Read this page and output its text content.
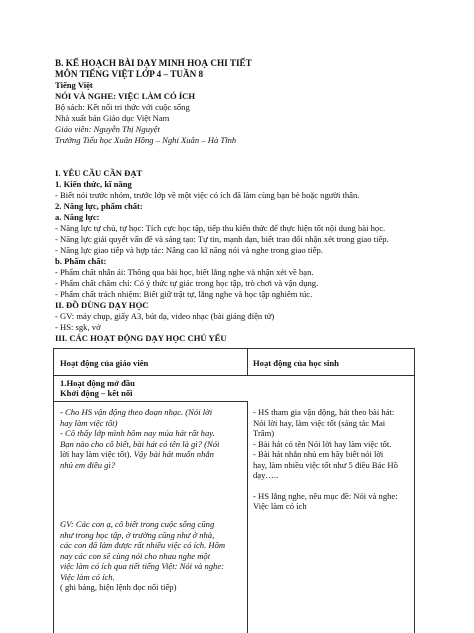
B. KẾ HOẠCH BÀI DẠY MINH HOẠ CHI TIẾT
MÔN TIẾNG VIỆT LỚP 4 – TUẦN 8
Tiếng Việt
NÓI VÀ NGHE: VIỆC LÀM CÓ ÍCH
Bộ sách: Kết nối tri thức với cuộc sống
Nhà xuất bản Giáo dục Việt Nam
Giáo viên: Nguyễn Thị Nguyệt
Trường Tiểu học Xuân Hồng – Nghi Xuân – Hà Tĩnh
I. YÊU CẦU CẦN ĐẠT
1. Kiến thức, kĩ năng
- Biết nói trước nhóm, trước lớp về một việc có ích đã làm cùng bạn bè hoặc người thân.
2. Năng lực, phẩm chất:
a. Năng lực:
- Năng lực tự chủ, tự học: Tích cực học tập, tiếp thu kiến thức để thực hiện tốt nội dung bài học.
- Năng lực giải quyết vấn đề và sáng tạo: Tự tin, mạnh dạn, biết trao đổi nhận xét trong giao tiếp.
- Năng lực giao tiếp và hợp tác: Nâng cao kĩ năng nói và nghe trong giao tiếp.
b. Phẩm chất:
- Phẩm chất nhân ái: Thông qua bài học, biết lắng nghe và nhận xét về bạn.
- Phẩm chất chăm chỉ: Có ý thức tự giác trong học tập, trò chơi và vận dụng.
- Phẩm chất trách nhiệm: Biết giữ trật tự, lắng nghe và học tập nghiêm túc.
II. ĐỒ DÙNG DẠY HỌC
- GV: máy chụp, giấy A3, bút dạ, video nhạc (bài giảng điện tử)
- HS: sgk, vở
III. CÁC HOẠT ĐỘNG DẠY HỌC CHỦ YẾU
Hoạt động của giáo viên	Hoạt động của học sinh
1.Hoạt động mở đầu
Khởi động – kết nối
- Cho HS vận động theo đoạn nhạc. (Nói lời
hay làm việc tốt)
- Cô thấy lớp mình hôm nay múa hát rất hay.
Bạn nào cho cô biết, bài hát có tên là gì? (Nói
lời hay làm việc tốt). Vậy bài hát muốn nhắn
nhủ em điều gì?
GV: Các con ạ, cô biết trong cuộc sống cũng
như trong học tập, ở trường cũng như ở nhà,
các con đã làm được rất nhiều việc có ích. Hôm
nay các con sẽ cùng nói cho nhau nghe một
việc làm có ích qua tiết tiếng Việt: Nói và nghe:
Việc làm có ích.
( ghi bảng, hiện lệnh đọc nối tiếp)
- HS tham gia vận động, hát theo bài hát:
Nói lời hay, làm việc tốt (sáng tác Mai
Trâm)
- Bài hát có tên Nói lời hay làm việc tốt.
- Bài hát nhắn nhủ em hãy biết nói lời
hay, làm nhiều việc tốt như 5 điều Bác Hồ
dạy…..
- HS lắng nghe, nêu mục đề: Nói và nghe:
Việc làm có ích
